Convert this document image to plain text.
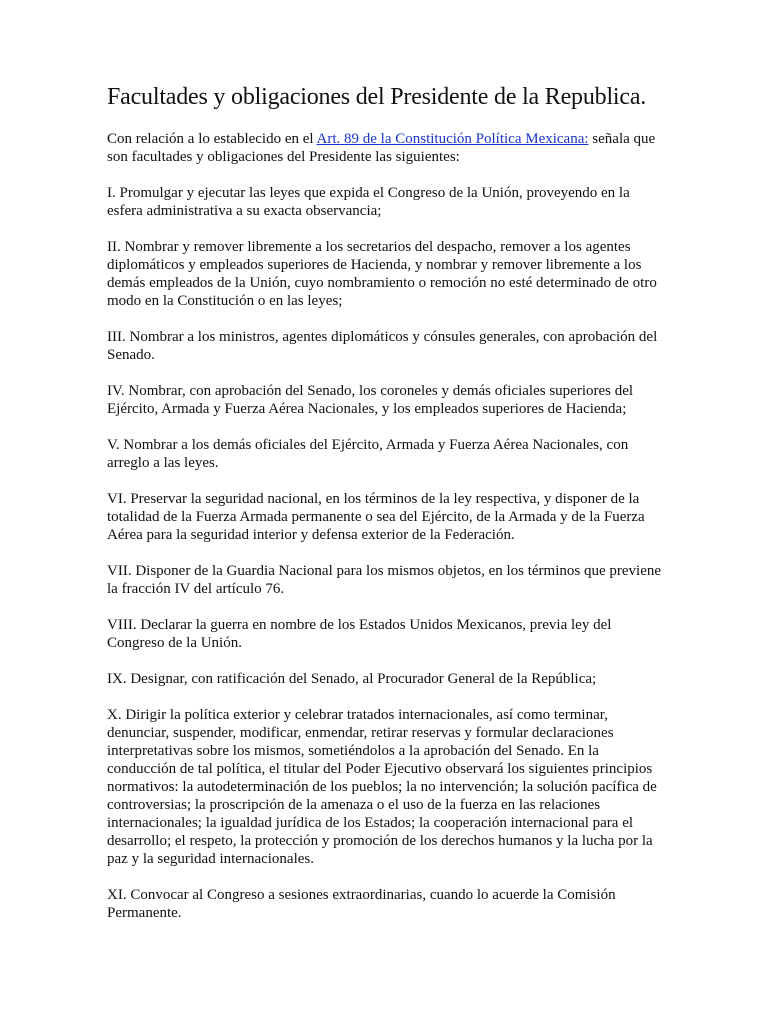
Facultades y obligaciones del Presidente de la Republica.

Con relación a lo establecido en el Art. 89 de la Constitución Política Mexicana: señala que son facultades y obligaciones del Presidente las siguientes:

I. Promulgar y ejecutar las leyes que expida el Congreso de la Unión, proveyendo en la esfera administrativa a su exacta observancia;

II. Nombrar y remover libremente a los secretarios del despacho, remover a los agentes diplomáticos y empleados superiores de Hacienda, y nombrar y remover libremente a los demás empleados de la Unión, cuyo nombramiento o remoción no esté determinado de otro modo en la Constitución o en las leyes;

III. Nombrar a los ministros, agentes diplomáticos y cónsules generales, con aprobación del Senado.

IV. Nombrar, con aprobación del Senado, los coroneles y demás oficiales superiores del Ejército, Armada y Fuerza Aérea Nacionales, y los empleados superiores de Hacienda;

V. Nombrar a los demás oficiales del Ejército, Armada y Fuerza Aérea Nacionales, con arreglo a las leyes.

VI. Preservar la seguridad nacional, en los términos de la ley respectiva, y disponer de la totalidad de la Fuerza Armada permanente o sea del Ejército, de la Armada y de la Fuerza Aérea para la seguridad interior y defensa exterior de la Federación.

VII. Disponer de la Guardia Nacional para los mismos objetos, en los términos que previene la fracción IV del artículo 76.

VIII. Declarar la guerra en nombre de los Estados Unidos Mexicanos, previa ley del Congreso de la Unión.

IX. Designar, con ratificación del Senado, al Procurador General de la República;

X. Dirigir la política exterior y celebrar tratados internacionales, así como terminar, denunciar, suspender, modificar, enmendar, retirar reservas y formular declaraciones interpretativas sobre los mismos, sometiéndolos a la aprobación del Senado. En la conducción de tal política, el titular del Poder Ejecutivo observará los siguientes principios normativos: la autodeterminación de los pueblos; la no intervención; la solución pacífica de controversias; la proscripción de la amenaza o el uso de la fuerza en las relaciones internacionales; la igualdad jurídica de los Estados; la cooperación internacional para el desarrollo; el respeto, la protección y promoción de los derechos humanos y la lucha por la paz y la seguridad internacionales.

XI. Convocar al Congreso a sesiones extraordinarias, cuando lo acuerde la Comisión Permanente.
